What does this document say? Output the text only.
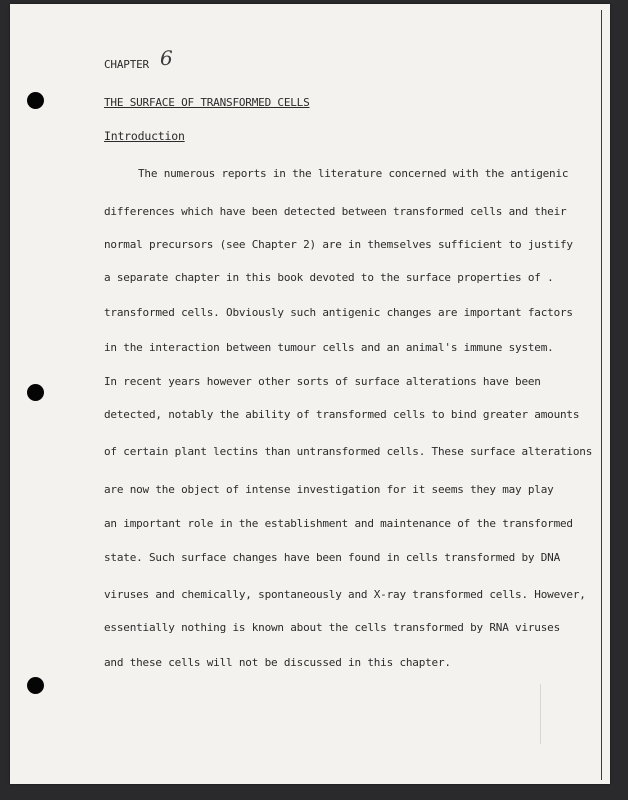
CHAPTER 6
THE SURFACE OF TRANSFORMED CELLS
Introduction
The numerous reports in the literature concerned with the antigenic
differences which have been detected between transformed cells and their
normal precursors (see Chapter 2) are in themselves sufficient to justify
a separate chapter in this book devoted to the surface properties of .
transformed cells. Obviously such antigenic changes are important factors
in the interaction between tumour cells and an animal's immune system.
In recent years however other sorts of surface alterations have been
detected, notably the ability of transformed cells to bind greater amounts
of certain plant lectins than untransformed cells. These surface alterations
are now the object of intense investigation for it seems they may play
an important role in the establishment and maintenance of the transformed
state. Such surface changes have been found in cells transformed by DNA
viruses and chemically, spontaneously and X-ray transformed cells. However,
essentially nothing is known about the cells transformed by RNA viruses
and these cells will not be discussed in this chapter.
